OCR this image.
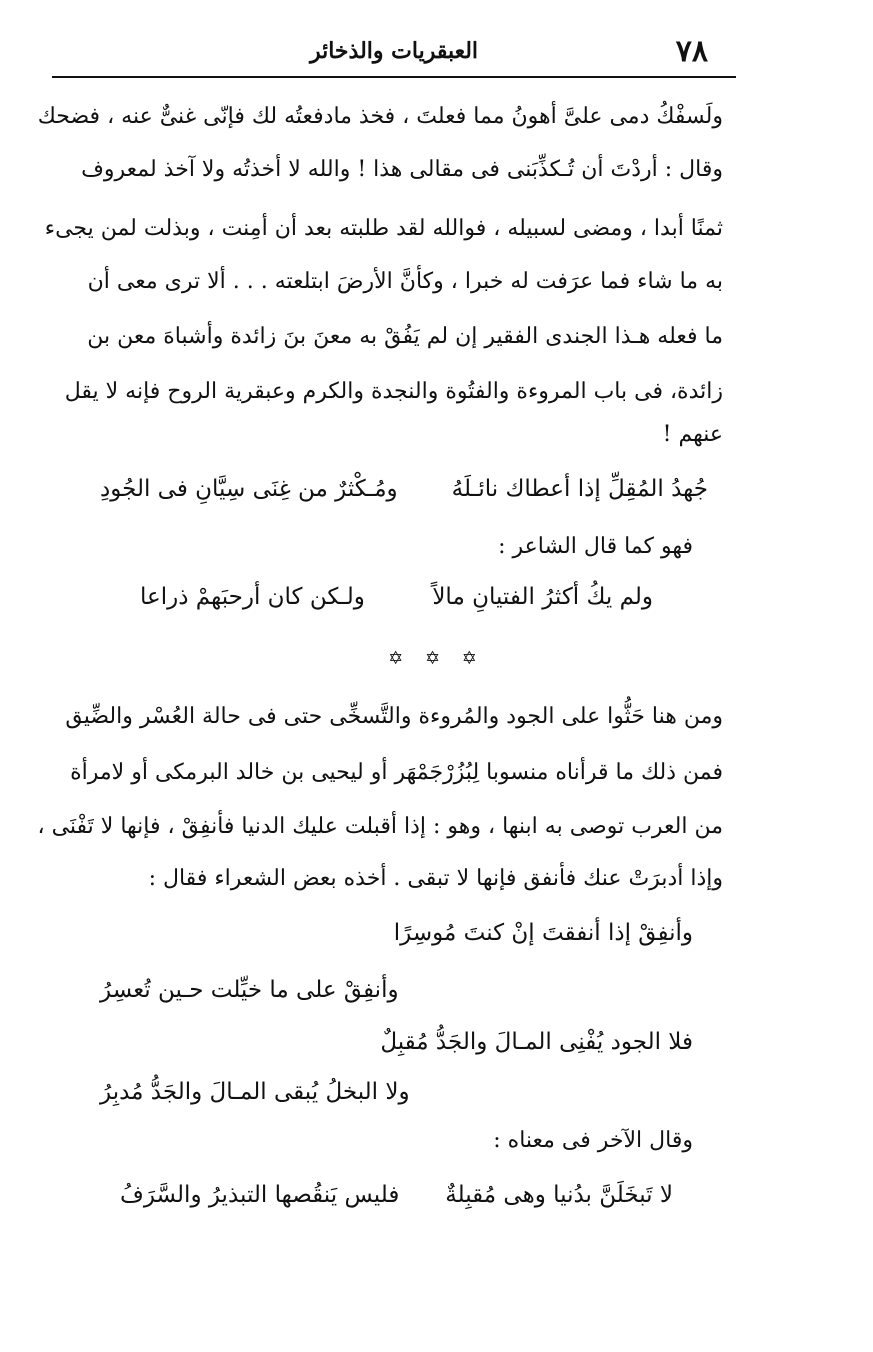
٧٨
العبقريات والذخائر
ولَسفْكُ دمى علىَّ أهونُ مما فعلتَ ، فخذ مادفعتُه لك فإنّى غنىٌّ عنه ، فضحك
وقال : أردْتَ أن تُـكذِّبَنى فى مقالى هذا ! والله لا أخذتُه ولا آخذ لمعروف
ثمنًا أبدا ، ومضى لسبيله ، فوالله لقد طلبته بعد أن أمِنت ، وبذلت لمن يجىء
به ما شاء فما عرَفت له خبرا ، وكأنَّ الأرضَ ابتلعته . . . ألا ترى معى أن
ما فعله هـذا الجندى الفقير إن لم يَفُقْ به معنَ بنَ زائدة وأشباهَ معن بن
زائدة، فى باب المروءة والفتُوة والنجدة والكرم وعبقرية الروح فإنه لا يقل
عنهم !
جُهدُ المُقِلِّ إذا أعطاك نائـلَهُ
ومُـكْثرٌ من غِنَى سِيَّانِ فى الجُودِ
فهو كما قال الشاعر :
ولم يكُ أكثرُ الفتيانِ مالاً
ولـكن كان أرحبَهمْ ذراعا
✡ ✡ ✡
ومن هنا حَثُّوا على الجود والمُروءة والتَّسخِّى حتى فى حالة العُسْر والضِّيق
فمن ذلك ما قرأناه منسوبا لِبُزُرْجَمْهَر أو ليحيى بن خالد البرمكى أو لامرأة
من العرب توصى به ابنها ، وهو : إذا أقبلت عليك الدنيا فأنفِقْ ، فإنها لا تَفْنَى ،
وإذا أدبرَتْ عنك فأنفق فإنها لا تبقى . أخذه بعض الشعراء فقال :
وأنفِقْ إذا أنفقتَ إنْ كنتَ مُوسِرًا
وأنفِقْ على ما خيِّلت حـين تُعسِرُ
فلا الجود يُفْنِى المـالَ والجَدُّ مُقبِلٌ
ولا البخلُ يُبقى المـالَ والجَدُّ مُدبِرُ
وقال الآخر فى معناه :
لا تَبخَلَنَّ بدُنيا وهى مُقبِلةٌ
فليس يَنقُصها التبذيرُ والسَّرَفُ
